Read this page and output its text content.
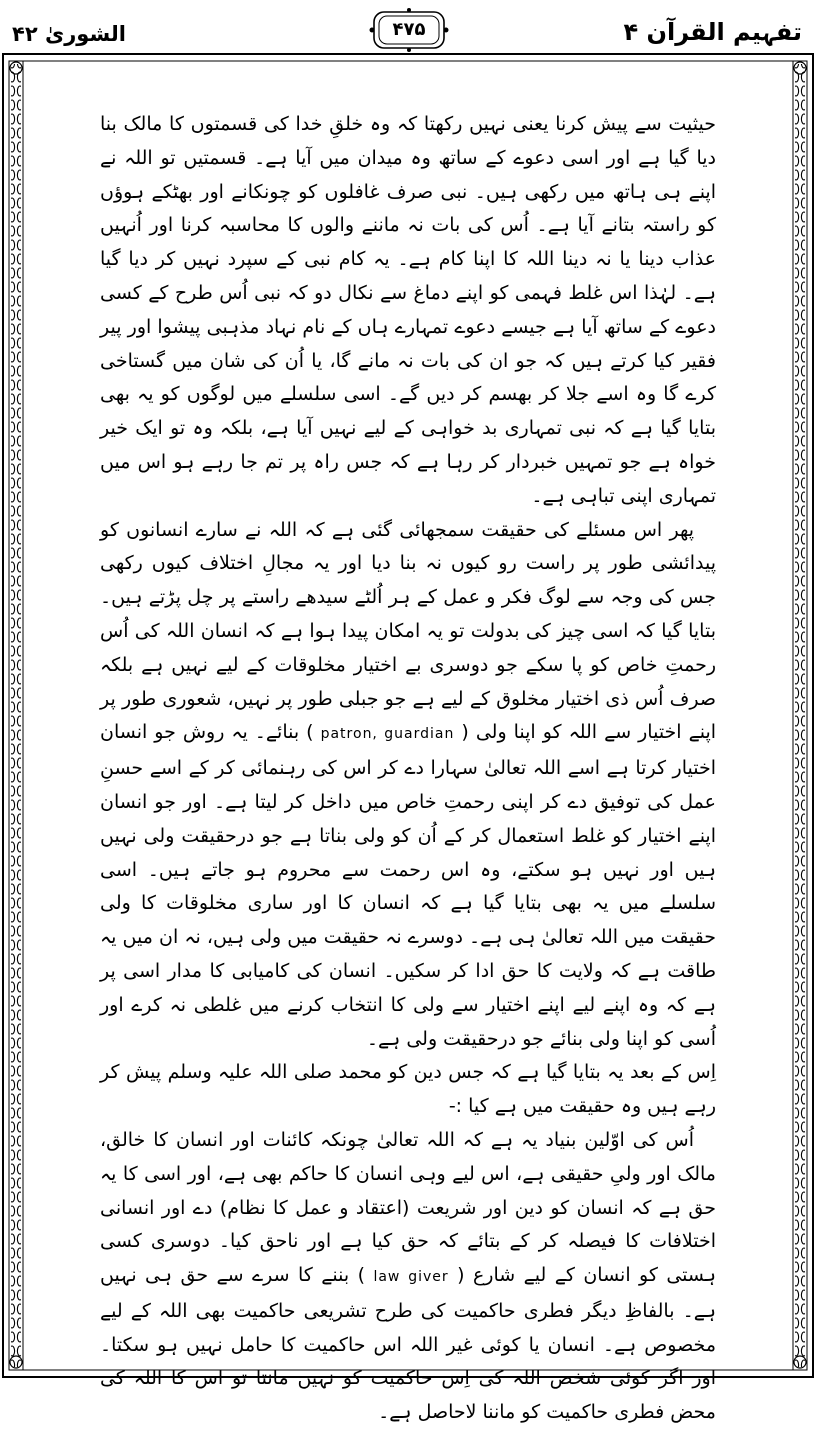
الشوریٰ ۴۲	۴۷۵	تفہیم القرآن ۴

حیثیت سے پیش کرنا یعنی نہیں رکھتا کہ وہ خلقِ خدا کی قسمتوں کا مالک بنا دیا گیا ہے اور اسی دعوے کے ساتھ وہ میدان میں آیا ہے۔ قسمتیں تو اللہ نے اپنے ہی ہاتھ میں رکھی ہیں۔ نبی صرف غافلوں کو چونکانے اور بھٹکے ہوؤں کو راستہ بتانے آیا ہے۔ اُس کی بات نہ ماننے والوں کا محاسبہ کرنا اور اُنہیں عذاب دینا یا نہ دینا اللہ کا اپنا کام ہے۔ یہ کام نبی کے سپرد نہیں کر دیا گیا ہے۔ لہٰذا اس غلط فہمی کو اپنے دماغ سے نکال دو کہ نبی اُس طرح کے کسی دعوے کے ساتھ آیا ہے جیسے دعوے تمہارے ہاں کے نام نہاد مذہبی پیشوا اور پیر فقیر کیا کرتے ہیں کہ جو ان کی بات نہ مانے گا، یا اُن کی شان میں گستاخی کرے گا وہ اسے جلا کر بھسم کر دیں گے۔ اسی سلسلے میں لوگوں کو یہ بھی بتایا گیا ہے کہ نبی تمہاری بد خواہی کے لیے نہیں آیا ہے، بلکہ وہ تو ایک خیر خواہ ہے جو تمہیں خبردار کر رہا ہے کہ جس راہ پر تم جا رہے ہو اس میں تمہاری اپنی تباہی ہے۔

پھر اس مسئلے کی حقیقت سمجھائی گئی ہے کہ اللہ نے سارے انسانوں کو پیدائشی طور پر راست رو کیوں نہ بنا دیا اور یہ مجالِ اختلاف کیوں رکھی جس کی وجہ سے لوگ فکر و عمل کے ہر اُلٹے سیدھے راستے پر چل پڑتے ہیں۔ بتایا گیا کہ اسی چیز کی بدولت تو یہ امکان پیدا ہوا ہے کہ انسان اللہ کی اُس رحمتِ خاص کو پا سکے جو دوسری بے اختیار مخلوقات کے لیے نہیں ہے بلکہ صرف اُس ذی اختیار مخلوق کے لیے ہے جو جبلی طور پر نہیں، شعوری طور پر اپنے اختیار سے اللہ کو اپنا ولی ( patron, guardian ) بنائے۔ یہ روش جو انسان اختیار کرتا ہے اسے اللہ تعالیٰ سہارا دے کر اس کی رہنمائی کر کے اسے حسنِ عمل کی توفیق دے کر اپنی رحمتِ خاص میں داخل کر لیتا ہے۔ اور جو انسان اپنے اختیار کو غلط استعمال کر کے اُن کو ولی بناتا ہے جو درحقیقت ولی نہیں ہیں اور نہیں ہو سکتے، وہ اس رحمت سے محروم ہو جاتے ہیں۔ اسی سلسلے میں یہ بھی بتایا گیا ہے کہ انسان کا اور ساری مخلوقات کا ولی حقیقت میں اللہ تعالیٰ ہی ہے۔ دوسرے نہ حقیقت میں ولی ہیں، نہ ان میں یہ طاقت ہے کہ ولایت کا حق ادا کر سکیں۔ انسان کی کامیابی کا مدار اسی پر ہے کہ وہ اپنے لیے اپنے اختیار سے ولی کا انتخاب کرنے میں غلطی نہ کرے اور اُسی کو اپنا ولی بنائے جو درحقیقت ولی ہے۔

اِس کے بعد یہ بتایا گیا ہے کہ جس دین کو محمد صلی اللہ علیہ وسلم پیش کر رہے ہیں وہ حقیقت میں ہے کیا :-

اُس کی اوّلین بنیاد یہ ہے کہ اللہ تعالیٰ چونکہ کائنات اور انسان کا خالق، مالک اور ولیِ حقیقی ہے، اس لیے وہی انسان کا حاکم بھی ہے، اور اسی کا یہ حق ہے کہ انسان کو دین اور شریعت (اعتقاد و عمل کا نظام) دے اور انسانی اختلافات کا فیصلہ کر کے بتائے کہ حق کیا ہے اور ناحق کیا۔ دوسری کسی ہستی کو انسان کے لیے شارع ( law giver ) بننے کا سرے سے حق ہی نہیں ہے۔ بالفاظِ دیگر فطری حاکمیت کی طرح تشریعی حاکمیت بھی اللہ کے لیے مخصوص ہے۔ انسان یا کوئی غیر اللہ اس حاکمیت کا حامل نہیں ہو سکتا۔ اور اگر کوئی شخص اللہ کی اِس حاکمیت کو نہیں مانتا تو اس کا اللہ کی محض فطری حاکمیت کو ماننا لاحاصل ہے۔
